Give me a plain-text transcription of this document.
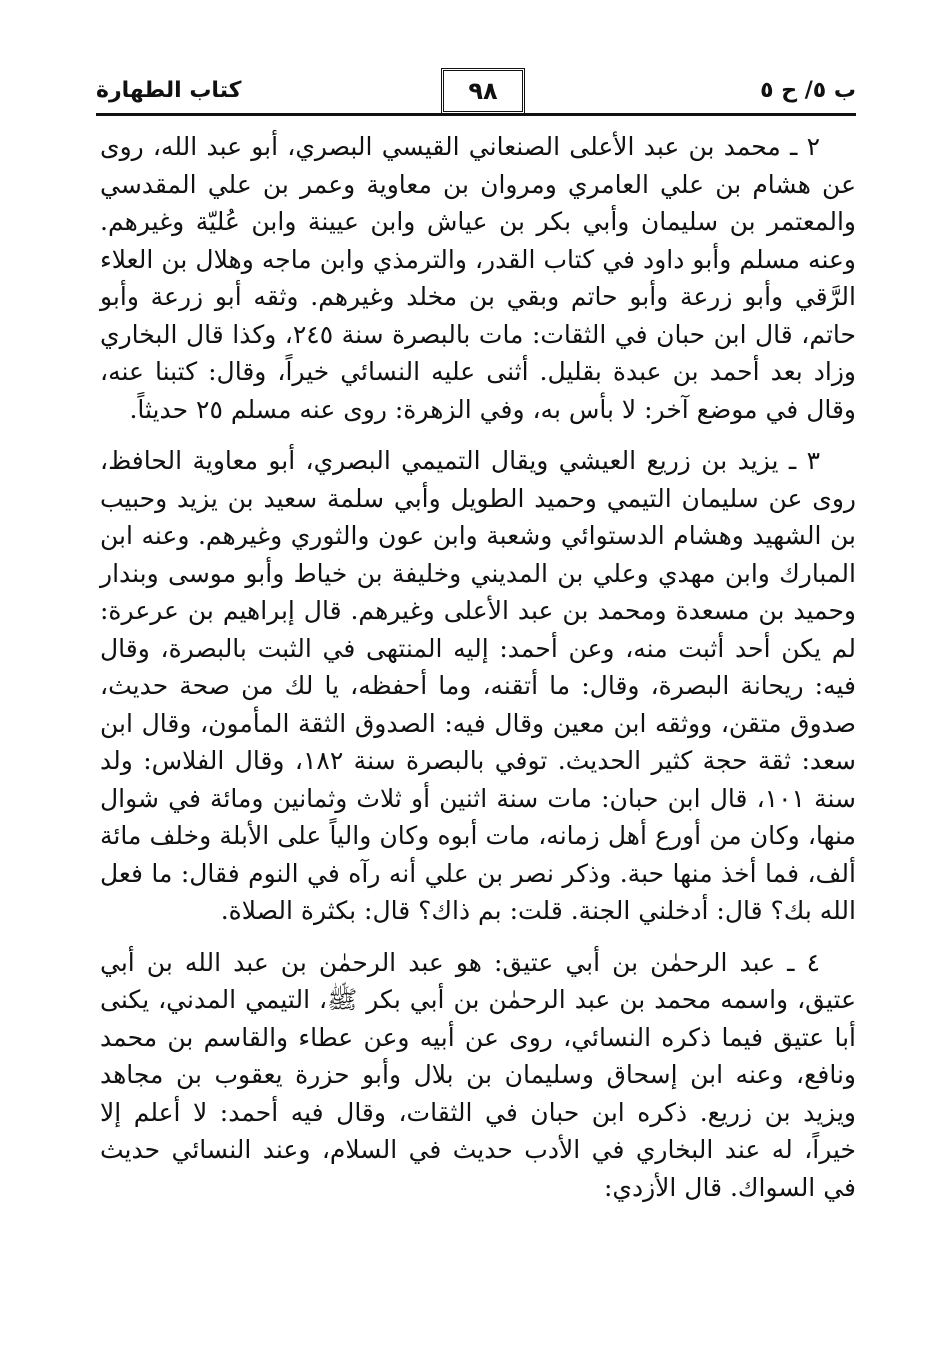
ب ٥/ ح ٥
٩٨
كتاب الطهارة

٢ ـ محمد بن عبد الأعلى الصنعاني القيسي البصري، أبو عبد الله، روى عن هشام بن علي العامري ومروان بن معاوية وعمر بن علي المقدسي والمعتمر بن سليمان وأبي بكر بن عياش وابن عيينة وابن عُليّة وغيرهم. وعنه مسلم وأبو داود في كتاب القدر، والترمذي وابن ماجه وهلال بن العلاء الرَّقي وأبو زرعة وأبو حاتم وبقي بن مخلد وغيرهم. وثقه أبو زرعة وأبو حاتم، قال ابن حبان في الثقات: مات بالبصرة سنة ٢٤٥، وكذا قال البخاري وزاد بعد أحمد بن عبدة بقليل. أثنى عليه النسائي خيراً، وقال: كتبنا عنه، وقال في موضع آخر: لا بأس به، وفي الزهرة: روى عنه مسلم ٢٥ حديثاً.

٣ ـ يزيد بن زريع العيشي ويقال التميمي البصري، أبو معاوية الحافظ، روى عن سليمان التيمي وحميد الطويل وأبي سلمة سعيد بن يزيد وحبيب بن الشهيد وهشام الدستوائي وشعبة وابن عون والثوري وغيرهم. وعنه ابن المبارك وابن مهدي وعلي بن المديني وخليفة بن خياط وأبو موسى وبندار وحميد بن مسعدة ومحمد بن عبد الأعلى وغيرهم. قال إبراهيم بن عرعرة: لم يكن أحد أثبت منه، وعن أحمد: إليه المنتهى في الثبت بالبصرة، وقال فيه: ريحانة البصرة، وقال: ما أتقنه، وما أحفظه، يا لك من صحة حديث، صدوق متقن، ووثقه ابن معين وقال فيه: الصدوق الثقة المأمون، وقال ابن سعد: ثقة حجة كثير الحديث. توفي بالبصرة سنة ١٨٢، وقال الفلاس: ولد سنة ١٠١، قال ابن حبان: مات سنة اثنين أو ثلاث وثمانين ومائة في شوال منها، وكان من أورع أهل زمانه، مات أبوه وكان والياً على الأبلة وخلف مائة ألف، فما أخذ منها حبة. وذكر نصر بن علي أنه رآه في النوم فقال: ما فعل الله بك؟ قال: أدخلني الجنة. قلت: بم ذاك؟ قال: بكثرة الصلاة.

٤ ـ عبد الرحمٰن بن أبي عتيق: هو عبد الرحمٰن بن عبد الله بن أبي عتيق، واسمه محمد بن عبد الرحمٰن بن أبي بكر ﷺ، التيمي المدني، يكنى أبا عتيق فيما ذكره النسائي، روى عن أبيه وعن عطاء والقاسم بن محمد ونافع، وعنه ابن إسحاق وسليمان بن بلال وأبو حزرة يعقوب بن مجاهد ويزيد بن زريع. ذكره ابن حبان في الثقات، وقال فيه أحمد: لا أعلم إلا خيراً، له عند البخاري في الأدب حديث في السلام، وعند النسائي حديث في السواك. قال الأزدي:
